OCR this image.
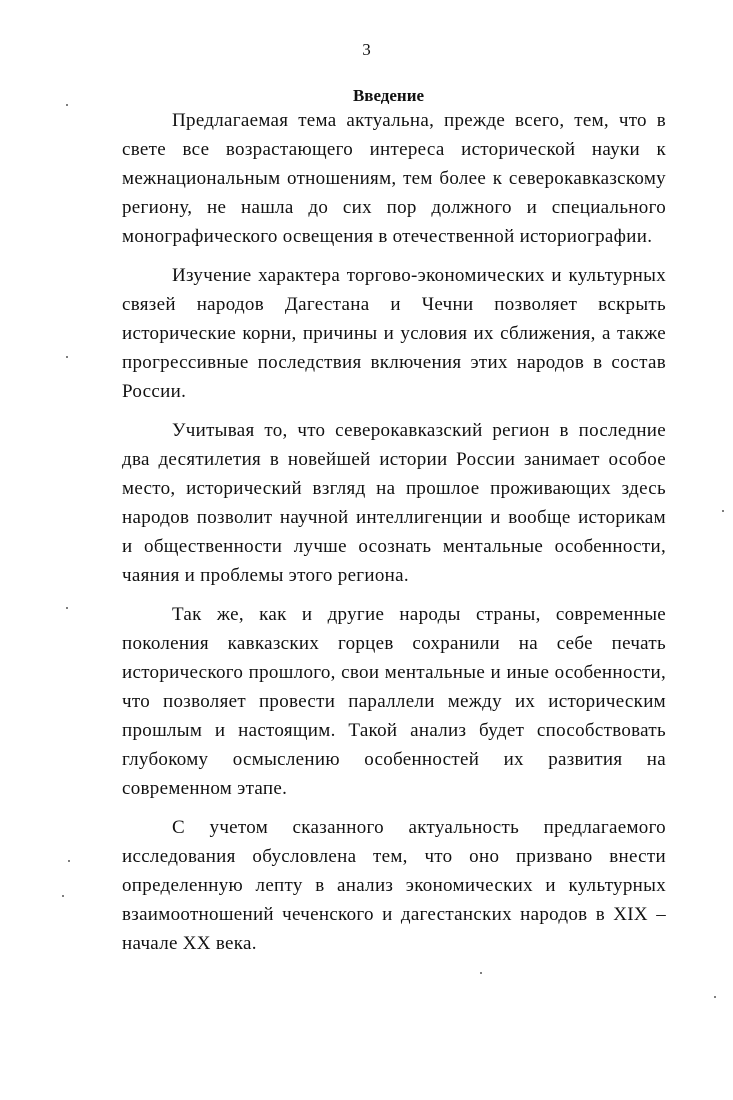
3
Введение

Предлагаемая тема актуальна, прежде всего, тем, что в свете все возрастающего интереса исторической науки к межнациональным отношениям, тем более к северокавказскому региону, не нашла до сих пор должного и специального монографического освещения в отечественной историографии.

Изучение характера торгово-экономических и культурных связей народов Дагестана и Чечни позволяет вскрыть исторические корни, причины и условия их сближения, а также прогрессивные последствия включения этих народов в состав России.

Учитывая то, что северокавказский регион в последние два десятилетия в новейшей истории России занимает особое место, исторический взгляд на прошлое проживающих здесь народов позволит научной интеллигенции и вообще историкам и общественности лучше осознать ментальные особенности, чаяния и проблемы этого региона.

Так же, как и другие народы страны, современные поколения кавказских горцев сохранили на себе печать исторического прошлого, свои ментальные и иные особенности, что позволяет провести параллели между их историческим прошлым и настоящим. Такой анализ будет способствовать глубокому осмыслению особенностей их развития на современном этапе.

С учетом сказанного актуальность предлагаемого исследования обусловлена тем, что оно призвано внести определенную лепту в анализ экономических и культурных взаимоотношений чеченского и дагестанских народов в XIX – начале XX века.
